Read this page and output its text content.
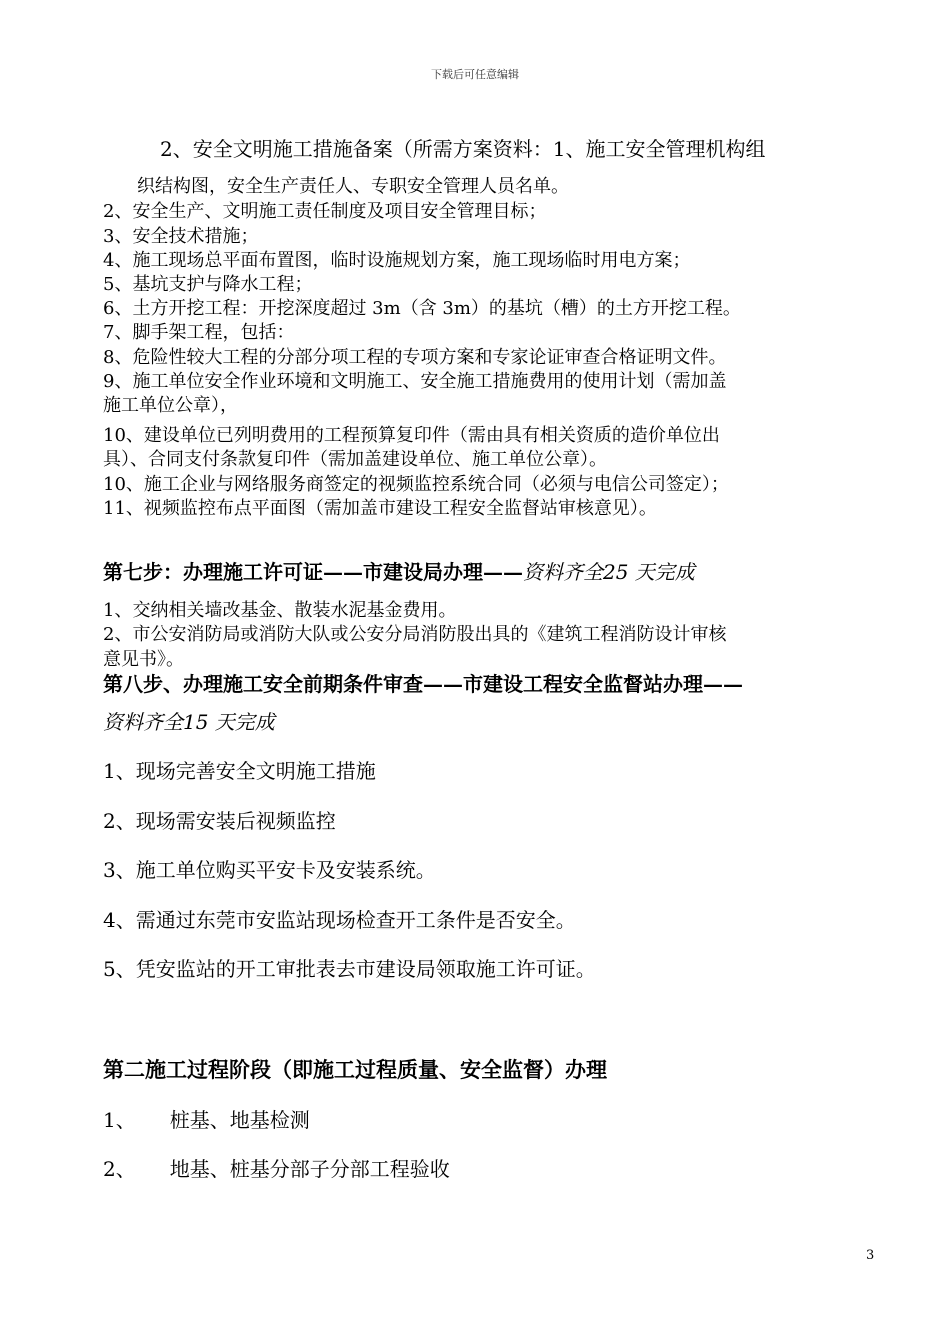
下载后可任意编辑
2、安全文明施工措施备案（所需方案资料：1、施工安全管理机构组
织结构图，安全生产责任人、专职安全管理人员名单。
2、安全生产、文明施工责任制度及项目安全管理目标；
3、安全技术措施；
4、施工现场总平面布置图，临时设施规划方案，施工现场临时用电方案；
5、基坑支护与降水工程；
6、土方开挖工程：开挖深度超过 3m（含 3m）的基坑（槽）的土方开挖工程。
7、脚手架工程，包括：
8、危险性较大工程的分部分项工程的专项方案和专家论证审查合格证明文件。
9、施工单位安全作业环境和文明施工、安全施工措施费用的使用计划（需加盖
施工单位公章），
10、建设单位已列明费用的工程预算复印件（需由具有相关资质的造价单位出
具）、合同支付条款复印件（需加盖建设单位、施工单位公章）。
10、施工企业与网络服务商签定的视频监控系统合同（必须与电信公司签定）；
11、视频监控布点平面图（需加盖市建设工程安全监督站审核意见）。
第七步：办理施工许可证——市建设局办理——资料齐全25 天完成
1、交纳相关墙改基金、散装水泥基金费用。
2、市公安消防局或消防大队或公安分局消防股出具的《建筑工程消防设计审核
意见书》。
第八步、办理施工安全前期条件审查——市建设工程安全监督站办理——
资料齐全15 天完成
1、现场完善安全文明施工措施
2、现场需安装后视频监控
3、施工单位购买平安卡及安装系统。
4、需通过东莞市安监站现场检查开工条件是否安全。
5、凭安监站的开工审批表去市建设局领取施工许可证。
第二施工过程阶段（即施工过程质量、安全监督）办理
1、 桩基、地基检测
2、 地基、桩基分部子分部工程验收
3
